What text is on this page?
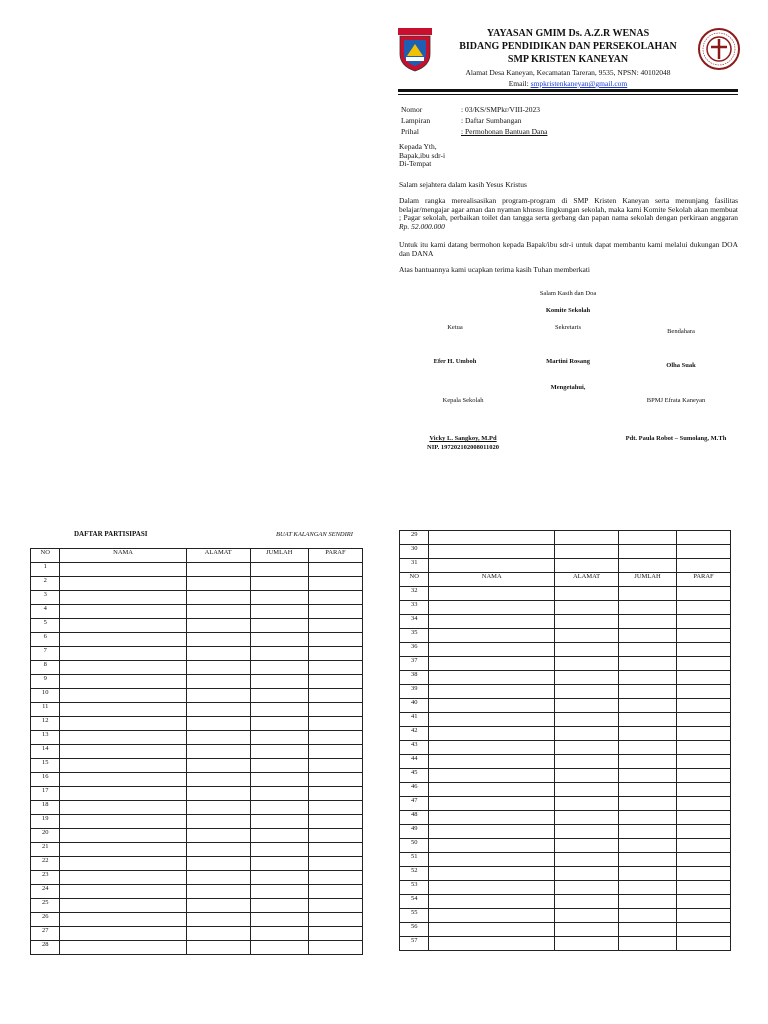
YAYASAN GMIM Ds. A.Z.R WENAS
BIDANG PENDIDIKAN DAN PERSEKOLAHAN
SMP KRISTEN KANEYAN
Alamat Desa Kaneyan, Kecamatan Tareran, 9535, NPSN: 40102048
Email: smpkristenkaneyan@gmail.com
Nomor	: 03/KS/SMPkr/VIII-2023
Lampiran	: Daftar Sumbangan
Prihal	: Permohonan Bantuan Dana
Kepada Yth,
Bapak,ibu sdr-i
Di-Tempat
Salam sejahtera dalam kasih Yesus Kristus
Dalam rangka merealisasikan program-program di SMP Kristen Kaneyan serta menunjang fasilitas belajar/mengajar agar aman dan nyaman khusus lingkungan sekolah, maka kami Komite Sekolah akan membuat ; Pagar sekolah, perbaikan toilet dan tangga serta gerbang dan papan nama sekolah dengan perkiraan anggaran Rp. 52.000.000
Untuk itu kami datang bermohon kepada Bapak/ibu sdr-i untuk dapat membantu kami melalui dukungan DOA dan DANA
Atas bantuannya kami ucapkan terima kasih Tuhan memberkati
Salam Kasih dan Doa
Komite Sekolah
Ketua	Sekretaris
Bendahara
Efer H. Umboh	Martini Rosang
Olha Suak
Mengetahui,
Kepala Sekolah	BPMJ Efrata Kaneyan
Vicky L. Sangkoy, M.Pd
NIP. 197202102008011020
Pdt. Paula Robot – Sumolang, M.Th
DAFTAR PARTISIPASI	BUAT KALANGAN SENDIRI
NO	NAMA	ALAMAT	JUMLAH	PARAF
1				
2				
3				
4				
5				
6				
7				
8				
9				
10				
11				
12				
13				
14				
15				
16				
17				
18				
19				
20				
21				
22				
23				
24				
25				
26				
27				
28				
29				
30				
31				
NO	NAMA	ALAMAT	JUMLAH	PARAF
32				
33				
34				
35				
36				
37				
38				
39				
40				
41				
42				
43				
44				
45				
46				
47				
48				
49				
50				
51				
52				
53				
54				
55				
56				
57				
